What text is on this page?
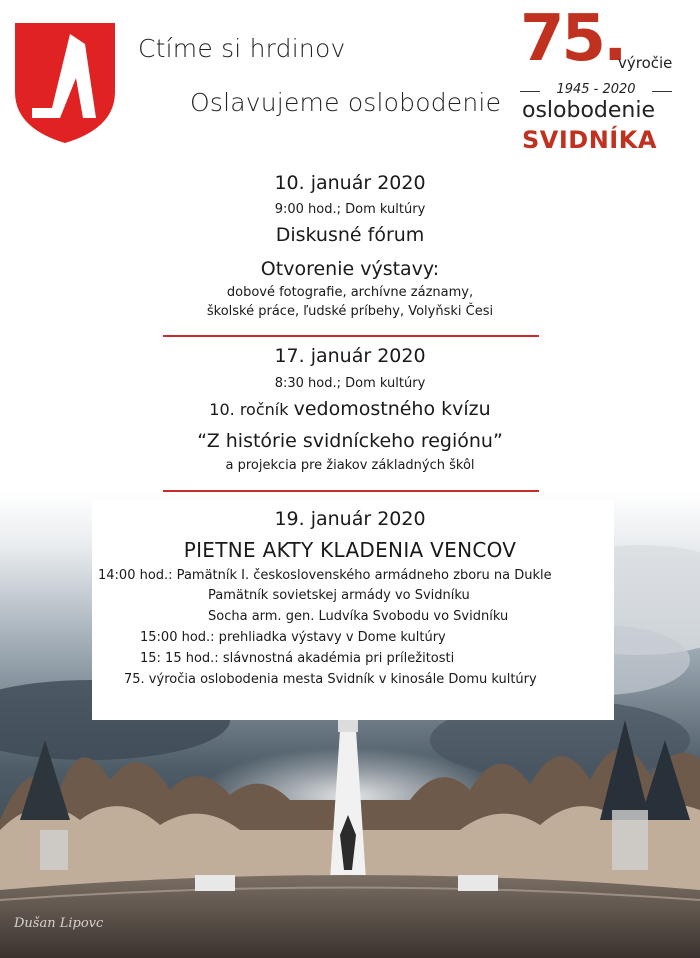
Ctíme si hrdinov
Oslavujeme oslobodenie
75.
výročie
1945 - 2020
oslobodenie
SVIDNÍKA
10. január 2020
9:00 hod.; Dom kultúry
Diskusné fórum
Otvorenie výstavy:
dobové fotografie, archívne záznamy,
školské práce, ľudské príbehy, Volyňski Česi
17. január 2020
8:30 hod.; Dom kultúry
10. ročník vedomostného kvízu
“Z histórie svidníckeho regiónu”
a projekcia pre žiakov základných škôl
19. január 2020
PIETNE AKTY KLADENIA VENCOV
14:00 hod.: Pamätník I. československého armádneho zboru na Dukle
Pamätník sovietskej armády vo Svidníku
Socha arm. gen. Ludvíka Svobodu vo Svidníku
15:00 hod.: prehliadka výstavy v Dome kultúry
15: 15 hod.: slávnostná akadémia pri príležitosti
75. výročia oslobodenia mesta Svidník v kinosále Domu kultúry
Dušan Lipovc
